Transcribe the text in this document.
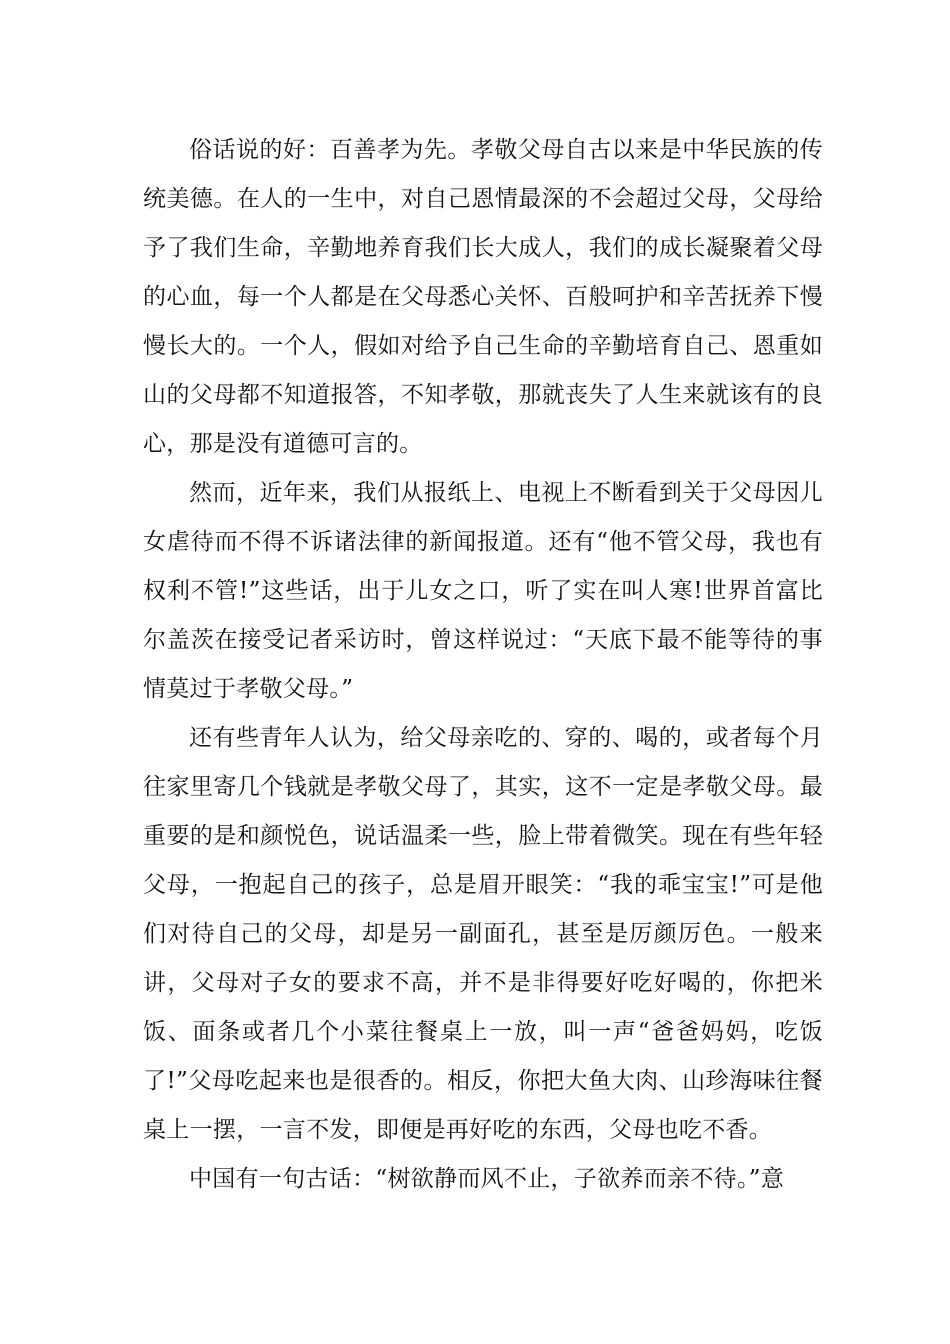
俗话说的好：百善孝为先。孝敬父母自古以来是中华民族的传统美德。在人的一生中，对自己恩情最深的不会超过父母，父母给予了我们生命，辛勤地养育我们长大成人，我们的成长凝聚着父母的心血，每一个人都是在父母悉心关怀、百般呵护和辛苦抚养下慢慢长大的。一个人，假如对给予自己生命的辛勤培育自己、恩重如山的父母都不知道报答，不知孝敬，那就丧失了人生来就该有的良心，那是没有道德可言的。

然而，近年来，我们从报纸上、电视上不断看到关于父母因儿女虐待而不得不诉诸法律的新闻报道。还有“他不管父母，我也有权利不管!”这些话，出于儿女之口，听了实在叫人寒!世界首富比尔盖茨在接受记者采访时，曾这样说过：“天底下最不能等待的事情莫过于孝敬父母。”

还有些青年人认为，给父母亲吃的、穿的、喝的，或者每个月往家里寄几个钱就是孝敬父母了，其实，这不一定是孝敬父母。最重要的是和颜悦色，说话温柔一些，脸上带着微笑。现在有些年轻父母，一抱起自己的孩子，总是眉开眼笑：“我的乖宝宝!”可是他们对待自己的父母，却是另一副面孔，甚至是厉颜厉色。一般来讲，父母对子女的要求不高，并不是非得要好吃好喝的，你把米饭、面条或者几个小菜往餐桌上一放，叫一声“爸爸妈妈，吃饭了!”父母吃起来也是很香的。相反，你把大鱼大肉、山珍海味往餐桌上一摆，一言不发，即便是再好吃的东西，父母也吃不香。

中国有一句古话：“树欲静而风不止，子欲养而亲不待。”意
